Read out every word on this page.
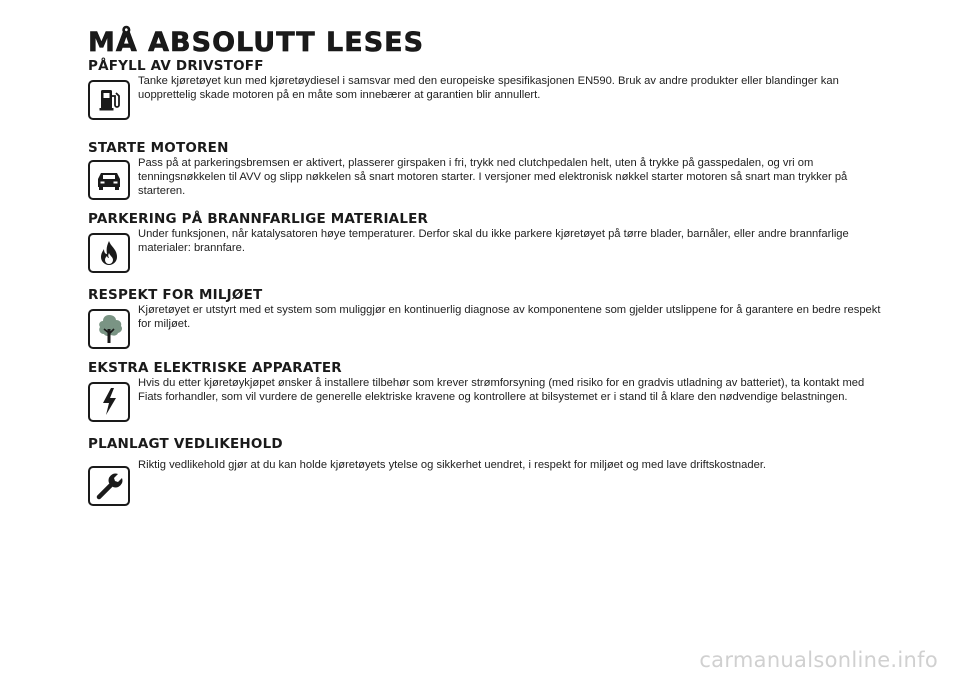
MÅ ABSOLUTT LESES
PÅFYLL AV DRIVSTOFF

Tanke kjøretøyet kun med kjøretøydiesel i samsvar med den europeiske spesifikasjonen EN590. Bruk av andre produkter eller blandinger kan uopprettelig skade motoren på en måte som innebærer at garantien blir annullert.

STARTE MOTOREN

Pass på at parkeringsbremsen er aktivert, plasserer girspaken i fri, trykk ned clutchpedalen helt, uten å trykke på gasspedalen, og vri om tenningsnøkkelen til AVV og slipp nøkkelen så snart motoren starter. I versjoner med elektronisk nøkkel starter motoren så snart man trykker på starteren.

PARKERING PÅ BRANNFARLIGE MATERIALER

Under funksjonen, når katalysatoren høye temperaturer. Derfor skal du ikke parkere kjøretøyet på tørre blader, barnåler, eller andre brannfarlige materialer: brannfare.

RESPEKT FOR MILJØET

Kjøretøyet er utstyrt med et system som muliggjør en kontinuerlig diagnose av komponentene som gjelder utslippene for å garantere en bedre respekt for miljøet.

EKSTRA ELEKTRISKE APPARATER

Hvis du etter kjøretøykjøpet ønsker å installere tilbehør som krever strømforsyning (med risiko for en gradvis utladning av batteriet), ta kontakt med Fiats forhandler, som vil vurdere de generelle elektriske kravene og kontrollere at bilsystemet er i stand til å klare den nødvendige belastningen.

PLANLAGT VEDLIKEHOLD

Riktig vedlikehold gjør at du kan holde kjøretøyets ytelse og sikkerhet uendret, i respekt for miljøet og med lave driftskostnader.

carmanualsonline.info
